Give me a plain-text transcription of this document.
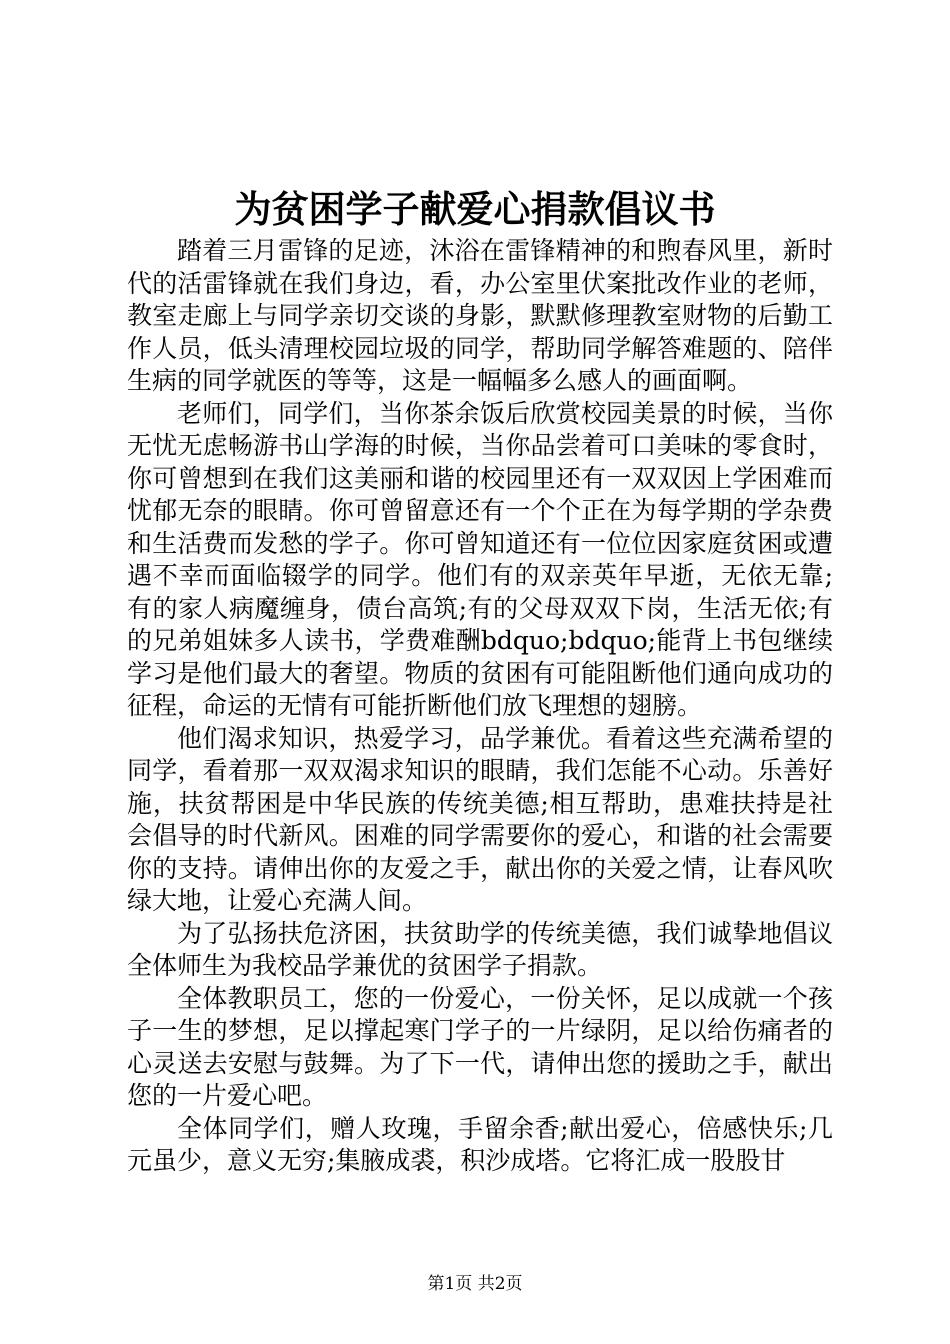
为贫困学子献爱心捐款倡议书

踏着三月雷锋的足迹，沐浴在雷锋精神的和煦春风里，新时代的活雷锋就在我们身边，看，办公室里伏案批改作业的老师，教室走廊上与同学亲切交谈的身影，默默修理教室财物的后勤工作人员，低头清理校园垃圾的同学，帮助同学解答难题的、陪伴生病的同学就医的等等，这是一幅幅多么感人的画面啊。

老师们，同学们，当你茶余饭后欣赏校园美景的时候，当你无忧无虑畅游书山学海的时候，当你品尝着可口美味的零食时，你可曾想到在我们这美丽和谐的校园里还有一双双因上学困难而忧郁无奈的眼睛。你可曾留意还有一个个正在为每学期的学杂费和生活费而发愁的学子。你可曾知道还有一位位因家庭贫困或遭遇不幸而面临辍学的同学。他们有的双亲英年早逝，无依无靠;有的家人病魔缠身，债台高筑;有的父母双双下岗，生活无依;有的兄弟姐妹多人读书，学费难酬bdquo;bdquo;能背上书包继续学习是他们最大的奢望。物质的贫困有可能阻断他们通向成功的征程，命运的无情有可能折断他们放飞理想的翅膀。

他们渴求知识，热爱学习，品学兼优。看着这些充满希望的同学，看着那一双双渴求知识的眼睛，我们怎能不心动。乐善好施，扶贫帮困是中华民族的传统美德;相互帮助，患难扶持是社会倡导的时代新风。困难的同学需要你的爱心，和谐的社会需要你的支持。请伸出你的友爱之手，献出你的关爱之情，让春风吹绿大地，让爱心充满人间。

为了弘扬扶危济困，扶贫助学的传统美德，我们诚挚地倡议全体师生为我校品学兼优的贫困学子捐款。

全体教职员工，您的一份爱心，一份关怀，足以成就一个孩子一生的梦想，足以撑起寒门学子的一片绿阴，足以给伤痛者的心灵送去安慰与鼓舞。为了下一代，请伸出您的援助之手，献出您的一片爱心吧。

全体同学们，赠人玫瑰，手留余香;献出爱心，倍感快乐;几元虽少，意义无穷;集腋成裘，积沙成塔。它将汇成一股股甘

第1页 共2页
